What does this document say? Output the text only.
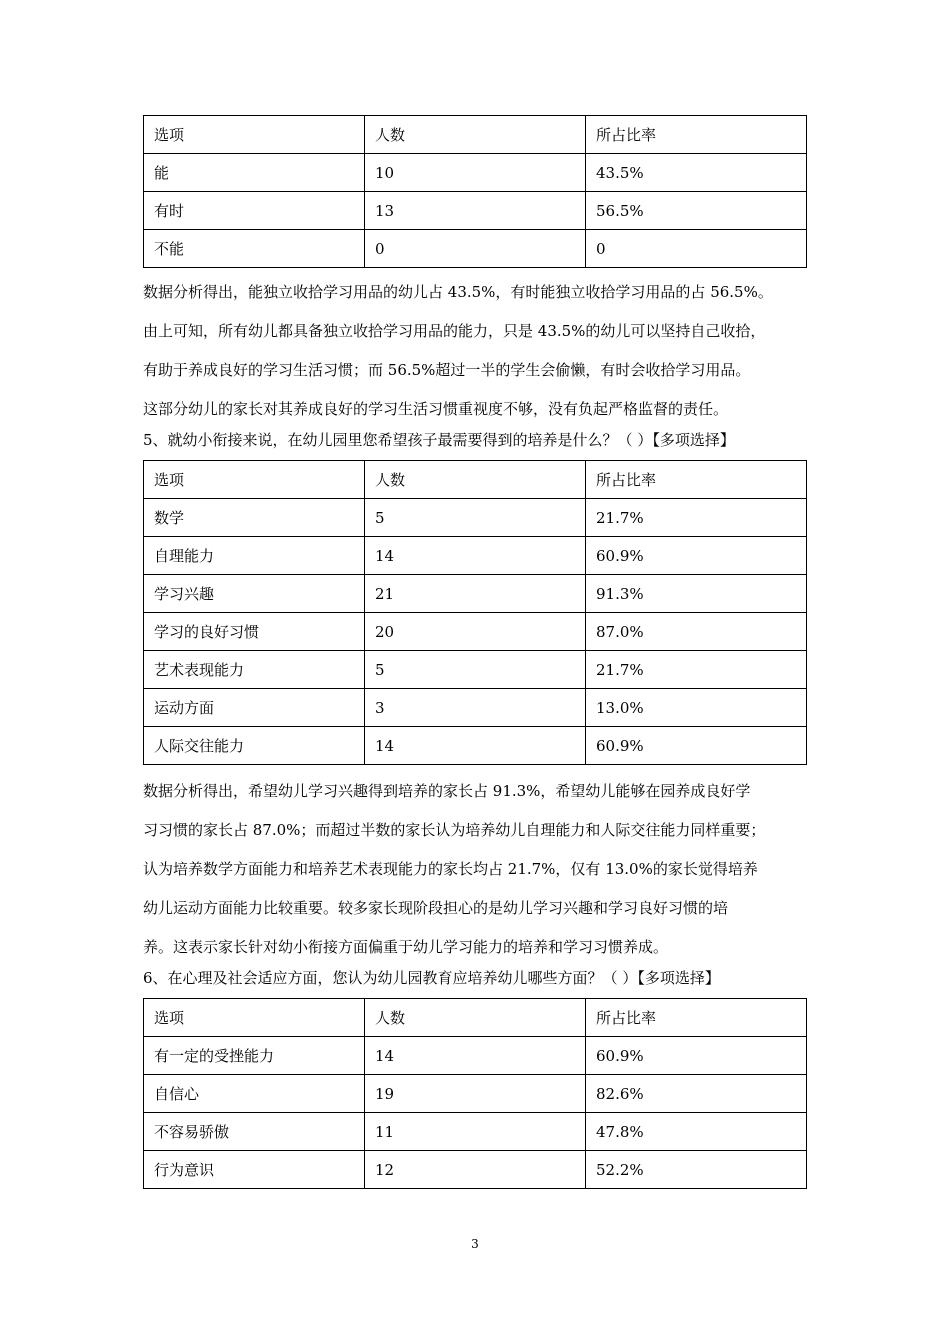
选项	人数	所占比率
能	10	43.5%
有时	13	56.5%
不能	0	0
数据分析得出，能独立收拾学习用品的幼儿占 43.5%，有时能独立收拾学习用品的占 56.5%。
由上可知，所有幼儿都具备独立收拾学习用品的能力，只是 43.5%的幼儿可以坚持自己收拾，
有助于养成良好的学习生活习惯；而 56.5%超过一半的学生会偷懒，有时会收拾学习用品。
这部分幼儿的家长对其养成良好的学习生活习惯重视度不够，没有负起严格监督的责任。
5、就幼小衔接来说，在幼儿园里您希望孩子最需要得到的培养是什么？（ ）【多项选择】
选项	人数	所占比率
数学	5	21.7%
自理能力	14	60.9%
学习兴趣	21	91.3%
学习的良好习惯	20	87.0%
艺术表现能力	5	21.7%
运动方面	3	13.0%
人际交往能力	14	60.9%
数据分析得出，希望幼儿学习兴趣得到培养的家长占 91.3%，希望幼儿能够在园养成良好学
习习惯的家长占 87.0%；而超过半数的家长认为培养幼儿自理能力和人际交往能力同样重要；
认为培养数学方面能力和培养艺术表现能力的家长均占 21.7%，仅有 13.0%的家长觉得培养
幼儿运动方面能力比较重要。较多家长现阶段担心的是幼儿学习兴趣和学习良好习惯的培
养。这表示家长针对幼小衔接方面偏重于幼儿学习能力的培养和学习习惯养成。
6、在心理及社会适应方面，您认为幼儿园教育应培养幼儿哪些方面？（ ）【多项选择】
选项	人数	所占比率
有一定的受挫能力	14	60.9%
自信心	19	82.6%
不容易骄傲	11	47.8%
行为意识	12	52.2%
3
